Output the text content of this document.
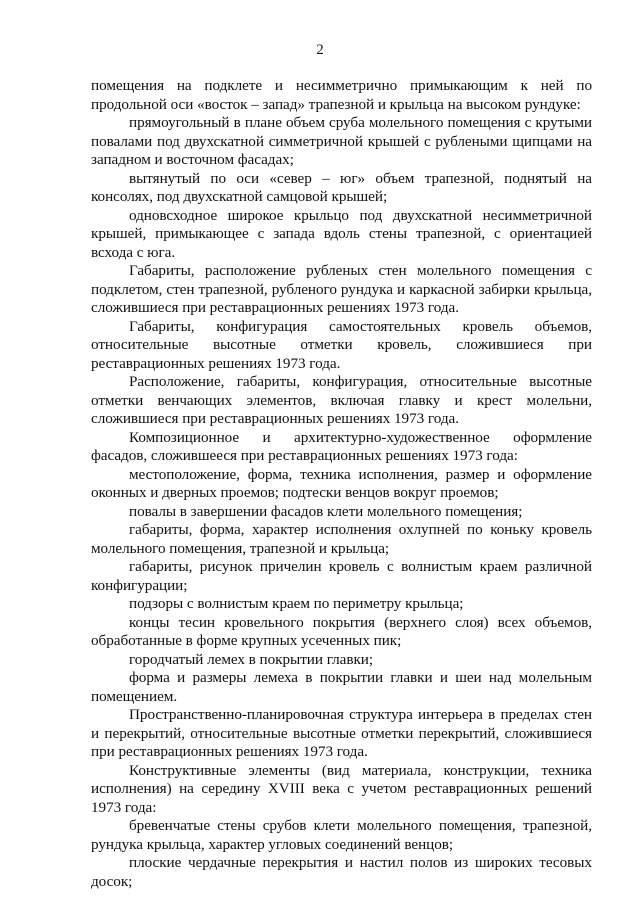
2

помещения на подклете и несимметрично примыкающим к ней по продольной оси «восток – запад» трапезной и крыльца на высоком рундуке:

прямоугольный в плане объем сруба молельного помещения с крутыми повалами под двухскатной симметричной крышей с рублеными щипцами на западном и восточном фасадах;

вытянутый по оси «север – юг» объем трапезной, поднятый на консолях, под двухскатной самцовой крышей;

одновсходное широкое крыльцо под двухскатной несимметричной крышей, примыкающее с запада вдоль стены трапезной, с ориентацией всхода с юга.

Габариты, расположение рубленых стен молельного помещения с подклетом, стен трапезной, рубленого рундука и каркасной забирки крыльца, сложившиеся при реставрационных решениях 1973 года.

Габариты, конфигурация самостоятельных кровель объемов, относительные высотные отметки кровель, сложившиеся при реставрационных решениях 1973 года.

Расположение, габариты, конфигурация, относительные высотные отметки венчающих элементов, включая главку и крест молельни, сложившиеся при реставрационных решениях 1973 года.

Композиционное и архитектурно-художественное оформление фасадов, сложившееся при реставрационных решениях 1973 года:

местоположение, форма, техника исполнения, размер и оформление оконных и дверных проемов; подтески венцов вокруг проемов;

повалы в завершении фасадов клети молельного помещения;

габариты, форма, характер исполнения охлупней по коньку кровель молельного помещения, трапезной и крыльца;

габариты, рисунок причелин кровель с волнистым краем различной конфигурации;

подзоры с волнистым краем по периметру крыльца;

концы тесин кровельного покрытия (верхнего слоя) всех объемов, обработанные в форме крупных усеченных пик;

городчатый лемех в покрытии главки;

форма и размеры лемеха в покрытии главки и шеи над молельным помещением.

Пространственно-планировочная структура интерьера в пределах стен и перекрытий, относительные высотные отметки перекрытий, сложившиеся при реставрационных решениях 1973 года.

Конструктивные элементы (вид материала, конструкции, техника исполнения) на середину XVIII века с учетом реставрационных решений 1973 года:

бревенчатые стены срубов клети молельного помещения, трапезной, рундука крыльца, характер угловых соединений венцов;

плоские чердачные перекрытия и настил полов из широких тесовых досок;
